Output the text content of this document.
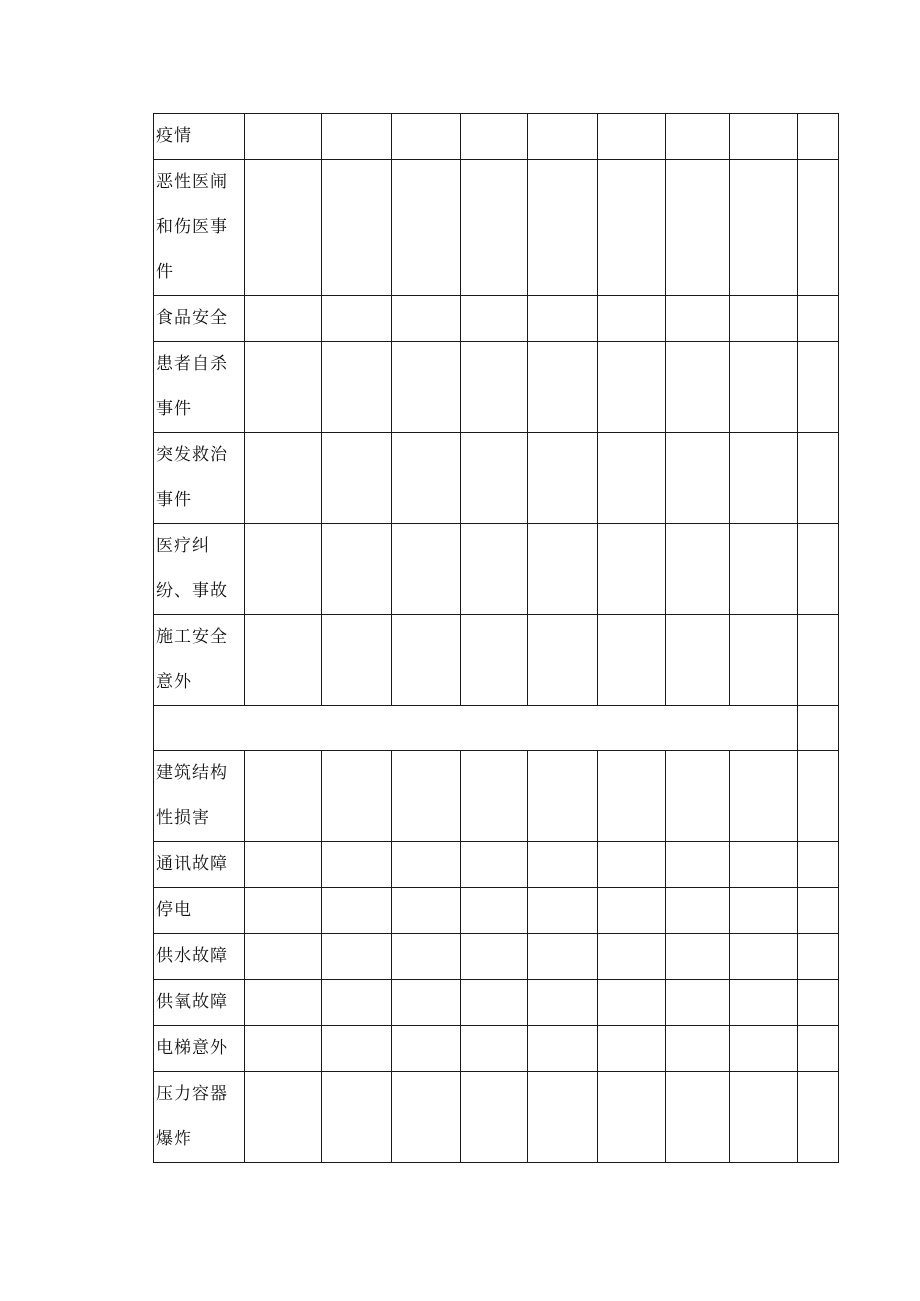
疫情									
恶性医闹和伤医事件									
食品安全									
患者自杀事件									
突发救治事件									
医疗纠纷、事故									
施工安全意外									

建筑结构性损害									
通讯故障									
停电									
供水故障									
供氧故障									
电梯意外									
压力容器爆炸									
